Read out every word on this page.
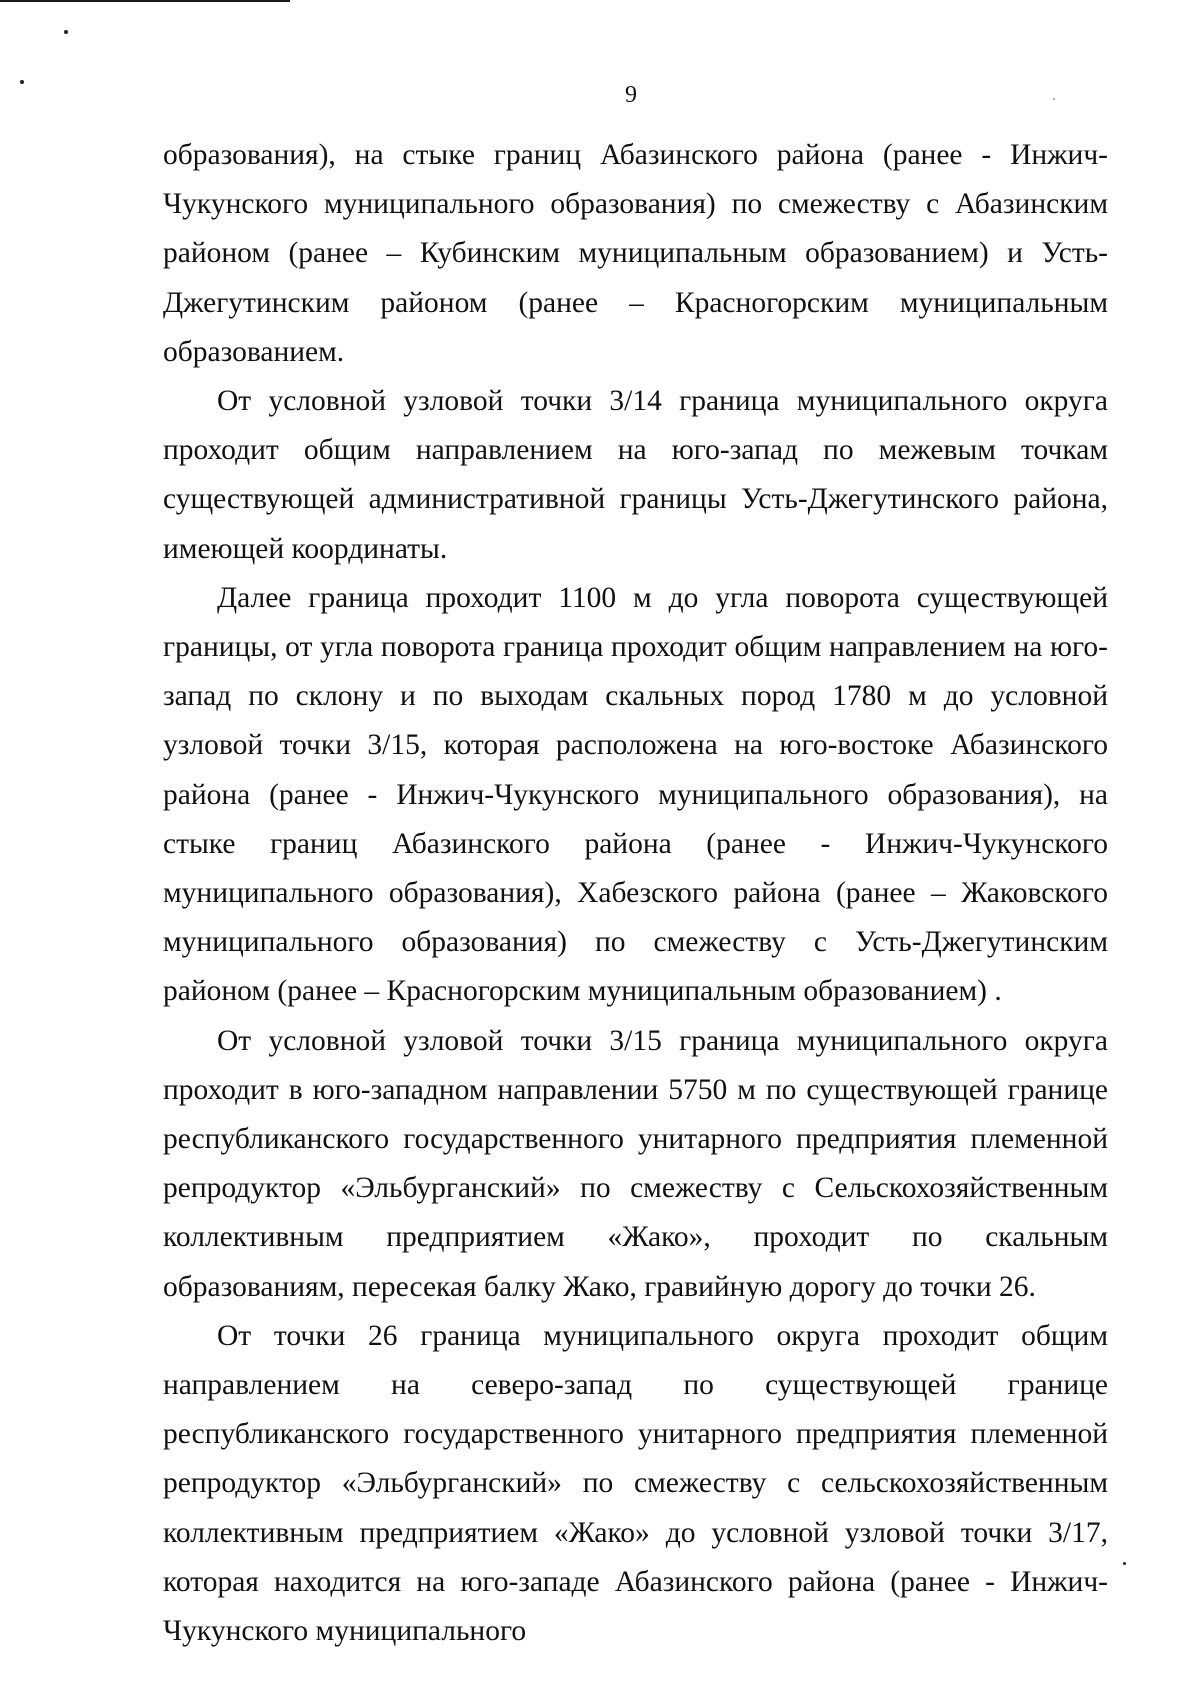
9

образования), на стыке границ Абазинского района (ранее - Инжич-Чукунского муниципального образования) по смежеству с Абазинским районом (ранее – Кубинским муниципальным образованием) и Усть-Джегутинским районом (ранее – Красногорским муниципальным образованием.

От условной узловой точки 3/14 граница муниципального округа проходит общим направлением на юго-запад по межевым точкам существующей административной границы Усть-Джегутинского района, имеющей координаты.

Далее граница проходит 1100 м до угла поворота существующей границы, от угла поворота граница проходит общим направлением на юго-запад по склону и по выходам скальных пород 1780 м до условной узловой точки 3/15, которая расположена на юго-востоке Абазинского района (ранее - Инжич-Чукунского муниципального образования), на стыке границ Абазинского района (ранее - Инжич-Чукунского муниципального образования), Хабезского района (ранее – Жаковского муниципального образования) по смежеству с Усть-Джегутинским районом (ранее – Красногорским муниципальным образованием) .

От условной узловой точки 3/15 граница муниципального округа проходит в юго-западном направлении 5750 м по существующей границе республиканского государственного унитарного предприятия племенной репродуктор «Эльбурганский» по смежеству с Сельскохозяйственным коллективным предприятием «Жако», проходит по скальным образованиям, пересекая балку Жако, гравийную дорогу до точки 26.

От точки 26 граница муниципального округа проходит общим направлением на северо-запад по существующей границе республиканского государственного унитарного предприятия племенной репродуктор «Эльбурганский» по смежеству с сельскохозяйственным коллективным предприятием «Жако» до условной узловой точки 3/17, которая находится на юго-западе Абазинского района (ранее - Инжич-Чукунского муниципального
